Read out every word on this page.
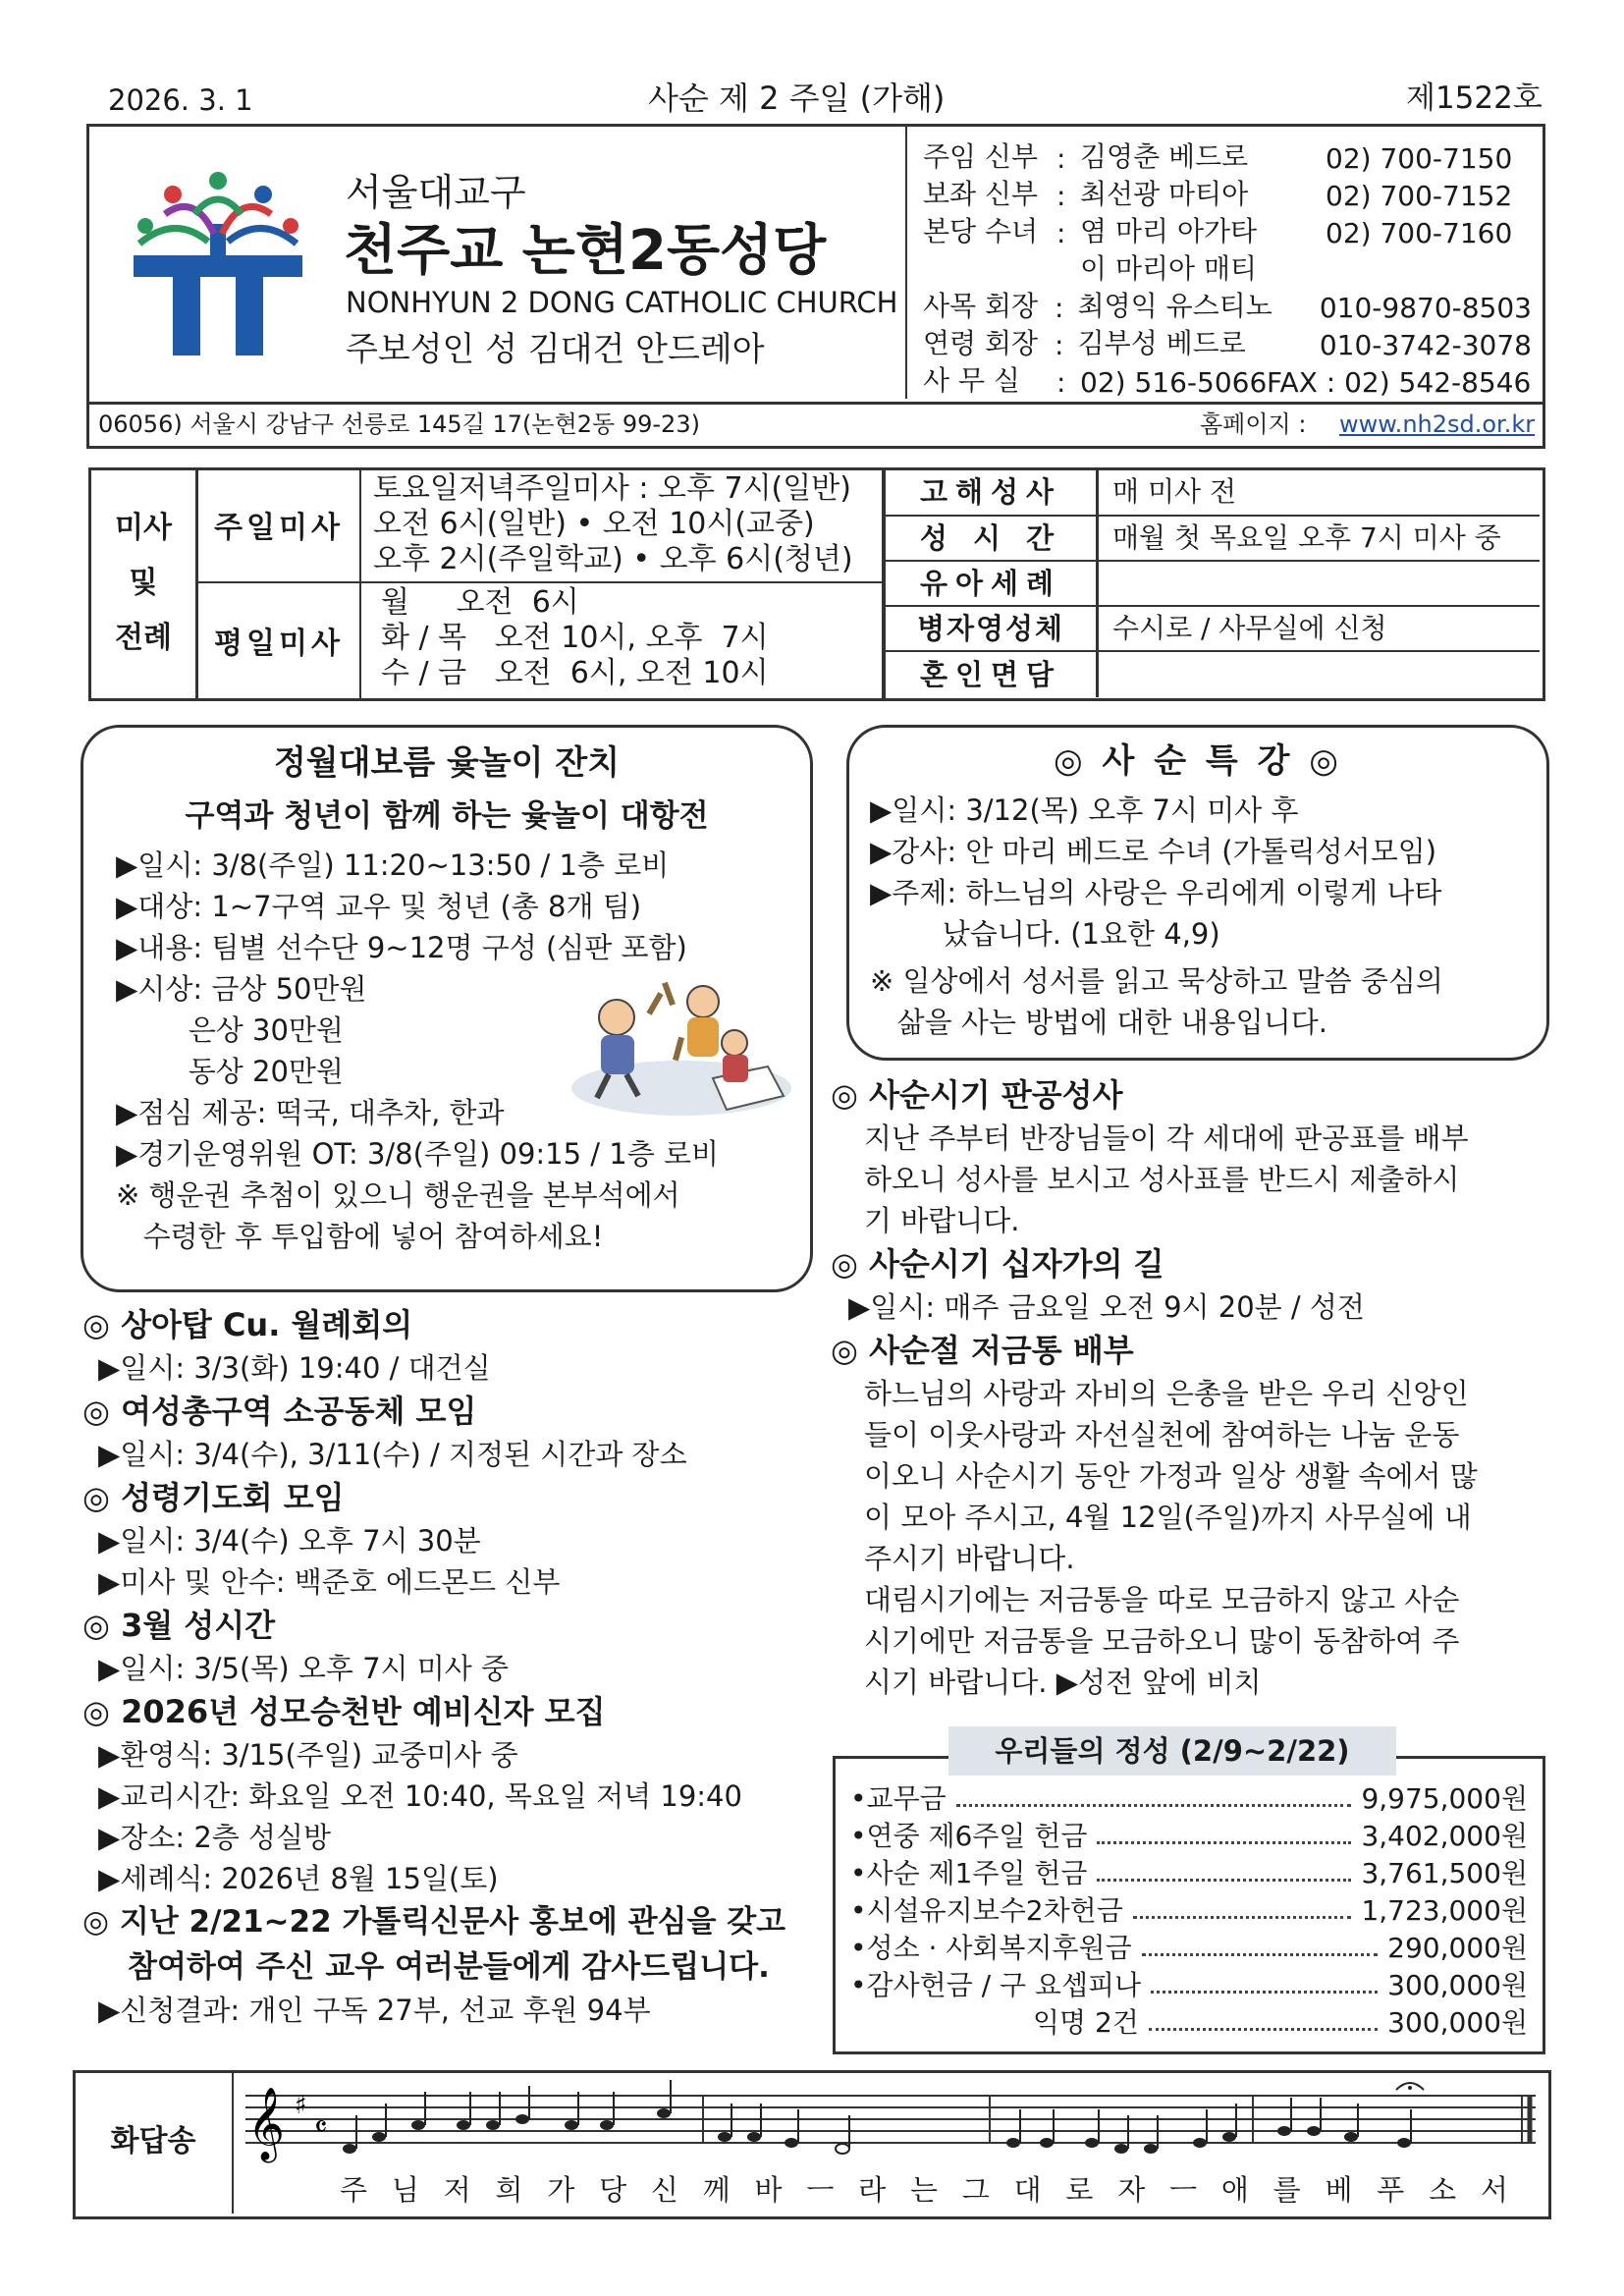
2026. 3. 1	사순 제 2 주일 (가해)	제1522호
서울대교구
천주교 논현2동성당
NONHYUN 2 DONG CATHOLIC CHURCH
주보성인 성 김대건 안드레아
주임 신부 : 김영춘 베드로	02) 700-7150
보좌 신부 : 최선광 마티아	02) 700-7152
본당 수녀 : 염 마리 아가타	02) 700-7160
이 마리아 매티
사목 회장 : 최영익 유스티노	010-9870-8503
연령 회장 : 김부성 베드로	010-3742-3078
사 무 실	: 02) 516-5066 FAX : 02) 542-8546
06056) 서울시 강남구 선릉로 145길 17(논현2동 99-23)	홈페이지 : www.nh2sd.or.kr
미사
및
전례
주일미사
토요일저녁주일미사 : 오후 7시(일반)
오전 6시(일반) • 오전 10시(교중)
오후 2시(주일학교) • 오후 6시(청년)
평일미사
월     오전  6시
화 / 목   오전 10시, 오후  7시
수 / 금   오전  6시, 오전 10시
고해성사	매 미사 전
성 시 간	매월 첫 목요일 오후 7시 미사 중
유아세례
병자영성체	수시로 / 사무실에 신청
혼인면담
정월대보름 윷놀이 잔치
구역과 청년이 함께 하는 윷놀이 대항전
▶일시: 3/8(주일) 11:20~13:50 / 1층 로비
▶대상: 1~7구역 교우 및 청년 (총 8개 팀)
▶내용: 팀별 선수단 9~12명 구성 (심판 포함)
▶시상: 금상 50만원
은상 30만원
동상 20만원
▶점심 제공: 떡국, 대추차, 한과
▶경기운영위원 OT: 3/8(주일) 09:15 / 1층 로비
※ 행운권 추첨이 있으니 행운권을 본부석에서
수령한 후 투입함에 넣어 참여하세요!
◎ 상아탑 Cu. 월례회의
▶일시: 3/3(화) 19:40 / 대건실
◎ 여성총구역 소공동체 모임
▶일시: 3/4(수), 3/11(수) / 지정된 시간과 장소
◎ 성령기도회 모임
▶일시: 3/4(수) 오후 7시 30분
▶미사 및 안수: 백준호 에드몬드 신부
◎ 3월 성시간
▶일시: 3/5(목) 오후 7시 미사 중
◎ 2026년 성모승천반 예비신자 모집
▶환영식: 3/15(주일) 교중미사 중
▶교리시간: 화요일 오전 10:40, 목요일 저녁 19:40
▶장소: 2층 성실방
▶세례식: 2026년 8월 15일(토)
◎ 지난 2/21~22 가톨릭신문사 홍보에 관심을 갖고
참여하여 주신 교우 여러분들에게 감사드립니다.
▶신청결과: 개인 구독 27부, 선교 후원 94부
◎ 사 순 특 강 ◎
▶일시: 3/12(목) 오후 7시 미사 후
▶강사: 안 마리 베드로 수녀 (가톨릭성서모임)
▶주제: 하느님의 사랑은 우리에게 이렇게 나타
났습니다. (1요한 4,9)
※ 일상에서 성서를 읽고 묵상하고 말씀 중심의
삶을 사는 방법에 대한 내용입니다.
◎ 사순시기 판공성사
지난 주부터 반장님들이 각 세대에 판공표를 배부
하오니 성사를 보시고 성사표를 반드시 제출하시
기 바랍니다.
◎ 사순시기 십자가의 길
▶일시: 매주 금요일 오전 9시 20분 / 성전
◎ 사순절 저금통 배부
하느님의 사랑과 자비의 은총을 받은 우리 신앙인
들이 이웃사랑과 자선실천에 참여하는 나눔 운동
이오니 사순시기 동안 가정과 일상 생활 속에서 많
이 모아 주시고, 4월 12일(주일)까지 사무실에 내
주시기 바랍니다.
대림시기에는 저금통을 따로 모금하지 않고 사순
시기에만 저금통을 모금하오니 많이 동참하여 주
시기 바랍니다. ▶성전 앞에 비치
우리들의 정성 (2/9~2/22)
•교무금	9,975,000원
•연중 제6주일 헌금	3,402,000원
•사순 제1주일 헌금	3,761,500원
•시설유지보수2차헌금	1,723,000원
•성소 · 사회복지후원금	290,000원
•감사헌금 / 구 요셉피나	300,000원
익명 2건	300,000원
화답송 𝄞 ♯
𝄴
주 님 저 희 가 당 신 께 바 ㅡ 라 는 그 대 로 자 ㅡ 애 를 베 푸 소 서
